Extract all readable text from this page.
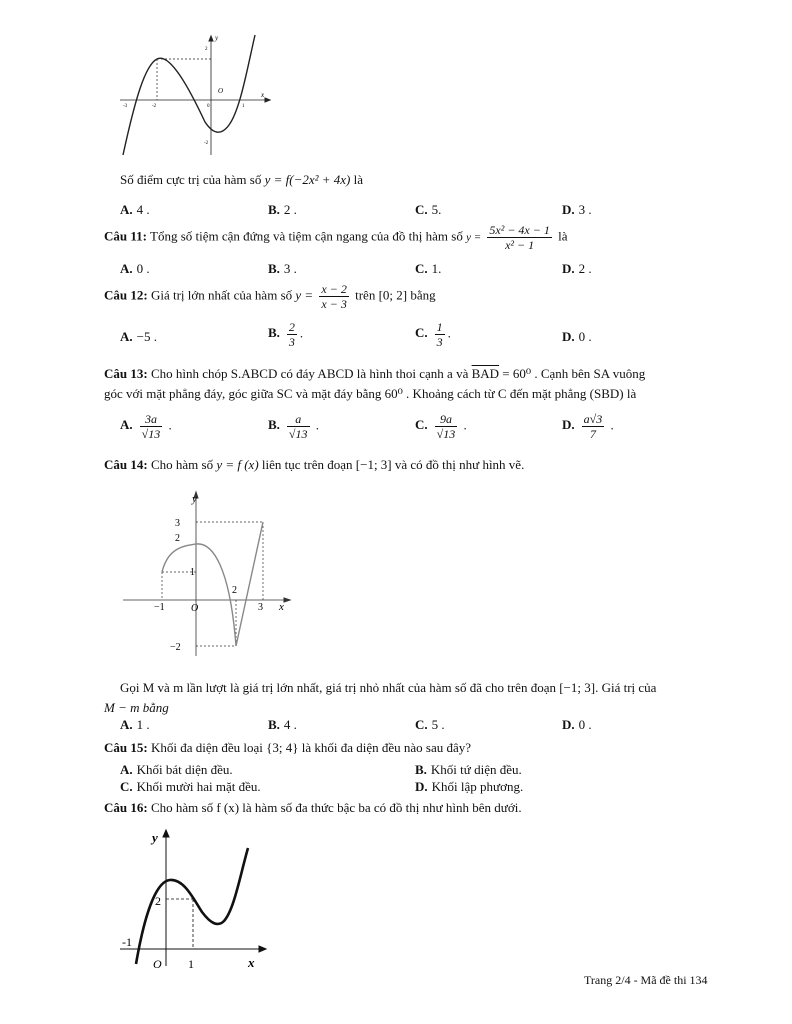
y
x
O
2
-2
-3	-2	0	1
Số điểm cực trị của hàm số y = f(−2x² + 4x) là
A. 4 .	B. 2 .	C. 5.	D. 3 .
Câu 11: Tổng số tiệm cận đứng và tiệm cận ngang của đồ thị hàm số $y = \frac{\text{5x² − 4x − 1}}{\text{x² − 1}}$ là
A. 0 .	B. 3 .	C. 1.	D. 2 .
Câu 12: Giá trị lớn nhất của hàm số $y = \frac{x - 2}{x - 3}$ trên [0; 2] bằng
A. −5 .	B. $\frac{2}{3}$ .	C. $\frac{1}{3}$ .	D. 0 .
Câu 13: Cho hình chóp S.ABCD có đáy ABCD là hình thoi cạnh a và $\overline{BAD} = 60^0$ . Cạnh bên SA vuông
góc với mặt phẳng đáy, góc giữa SC và mặt đáy bằng 60⁰ . Khoảng cách từ C đến mặt phẳng (SBD) là
A. $\frac{3a}{√13}$ .	B. $\frac{a}{√13}$ .	C. $\frac{9a}{√13}$ .	D. $\frac{a√3}{7}$ .
Câu 14: Cho hàm số y = f (x) liên tục trên đoạn [−1; 3] và có đồ thị như hình vẽ.
y
x
O
3
2
1
−2
−1
2
3
Gọi M và m lần lượt là giá trị lớn nhất, giá trị nhỏ nhất của hàm số đã cho trên đoạn [−1; 3]. Giá trị của
M − m bằng
A. 1 .	B. 4 .	C. 5 .	D. 0 .
Câu 15: Khối đa diện đều loại {3; 4} là khối đa diện đều nào sau đây?
A. Khối bát diện đều.	B. Khối tứ diện đều.
C. Khối mười hai mặt đều.	D. Khối lập phương.
Câu 16: Cho hàm số f (x) là hàm số đa thức bậc ba có đồ thị như hình bên dưới.
y
x
O
2
-1
1
Trang 2/4 - Mã đề thi 134
